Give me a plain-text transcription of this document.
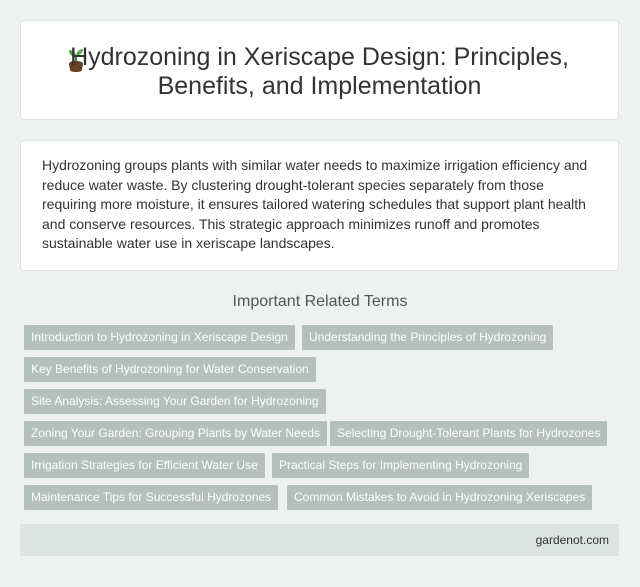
Hydrozoning in Xeriscape Design: Principles,
Benefits, and Implementation
Hydrozoning groups plants with similar water needs to maximize irrigation efficiency and reduce water waste. By clustering drought-tolerant species separately from those requiring more moisture, it ensures tailored watering schedules that support plant health and conserve resources. This strategic approach minimizes runoff and promotes sustainable water use in xeriscape landscapes.
Important Related Terms
Introduction to Hydrozoning in Xeriscape Design	Understanding the Principles of Hydrozoning
Key Benefits of Hydrozoning for Water Conservation
Site Analysis: Assessing Your Garden for Hydrozoning
Zoning Your Garden: Grouping Plants by Water Needs	Selecting Drought-Tolerant Plants for Hydrozones
Irrigation Strategies for Efficient Water Use	Practical Steps for Implementing Hydrozoning
Maintenance Tips for Successful Hydrozones	Common Mistakes to Avoid in Hydrozoning Xeriscapes
gardenot.com
